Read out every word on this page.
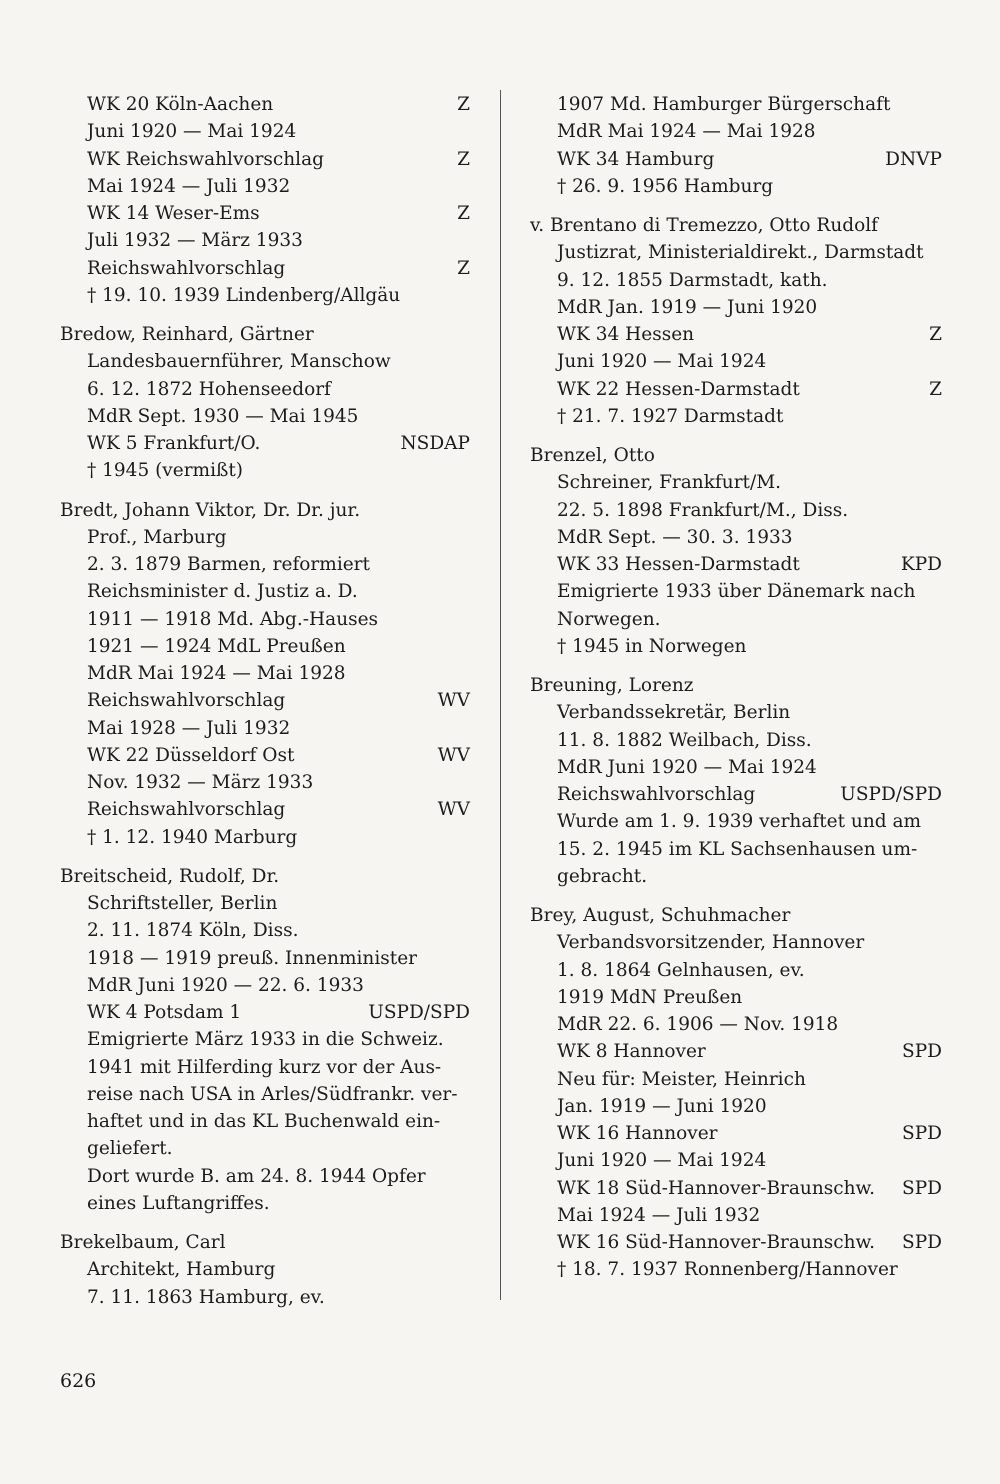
WK 20 Köln-Aachen	Z
Juni 1920 — Mai 1924
WK Reichswahlvorschlag	Z
Mai 1924 — Juli 1932
WK 14 Weser-Ems	Z
Juli 1932 — März 1933
Reichswahlvorschlag	Z
† 19. 10. 1939 Lindenberg/Allgäu
Bredow, Reinhard, Gärtner
Landesbauernführer, Manschow
6. 12. 1872 Hohenseedorf
MdR Sept. 1930 — Mai 1945
WK 5 Frankfurt/O.	NSDAP
† 1945 (vermißt)
Bredt, Johann Viktor, Dr. Dr. jur.
Prof., Marburg
2. 3. 1879 Barmen, reformiert
Reichsminister d. Justiz a. D.
1911 — 1918 Md. Abg.-Hauses
1921 — 1924 MdL Preußen
MdR Mai 1924 — Mai 1928
Reichswahlvorschlag	WV
Mai 1928 — Juli 1932
WK 22 Düsseldorf Ost	WV
Nov. 1932 — März 1933
Reichswahlvorschlag	WV
† 1. 12. 1940 Marburg
Breitscheid, Rudolf, Dr.
Schriftsteller, Berlin
2. 11. 1874 Köln, Diss.
1918 — 1919 preuß. Innenminister
MdR Juni 1920 — 22. 6. 1933
WK 4 Potsdam 1	USPD/SPD
Emigrierte März 1933 in die Schweiz.
1941 mit Hilferding kurz vor der Aus-
reise nach USA in Arles/Südfrankr. ver-
haftet und in das KL Buchenwald ein-
geliefert.
Dort wurde B. am 24. 8. 1944 Opfer
eines Luftangriffes.
Brekelbaum, Carl
Architekt, Hamburg
7. 11. 1863 Hamburg, ev.
1907 Md. Hamburger Bürgerschaft
MdR Mai 1924 — Mai 1928
WK 34 Hamburg	DNVP
† 26. 9. 1956 Hamburg
v. Brentano di Tremezzo, Otto Rudolf
Justizrat, Ministerialdirekt., Darmstadt
9. 12. 1855 Darmstadt, kath.
MdR Jan. 1919 — Juni 1920
WK 34 Hessen	Z
Juni 1920 — Mai 1924
WK 22 Hessen-Darmstadt	Z
† 21. 7. 1927 Darmstadt
Brenzel, Otto
Schreiner, Frankfurt/M.
22. 5. 1898 Frankfurt/M., Diss.
MdR Sept. — 30. 3. 1933
WK 33 Hessen-Darmstadt	KPD
Emigrierte 1933 über Dänemark nach
Norwegen.
† 1945 in Norwegen
Breuning, Lorenz
Verbandssekretär, Berlin
11. 8. 1882 Weilbach, Diss.
MdR Juni 1920 — Mai 1924
Reichswahlvorschlag	USPD/SPD
Wurde am 1. 9. 1939 verhaftet und am
15. 2. 1945 im KL Sachsenhausen um-
gebracht.
Brey, August, Schuhmacher
Verbandsvorsitzender, Hannover
1. 8. 1864 Gelnhausen, ev.
1919 MdN Preußen
MdR 22. 6. 1906 — Nov. 1918
WK 8 Hannover	SPD
Neu für: Meister, Heinrich
Jan. 1919 — Juni 1920
WK 16 Hannover	SPD
Juni 1920 — Mai 1924
WK 18 Süd-Hannover-Braunschw. SPD
Mai 1924 — Juli 1932
WK 16 Süd-Hannover-Braunschw. SPD
† 18. 7. 1937 Ronnenberg/Hannover
626
